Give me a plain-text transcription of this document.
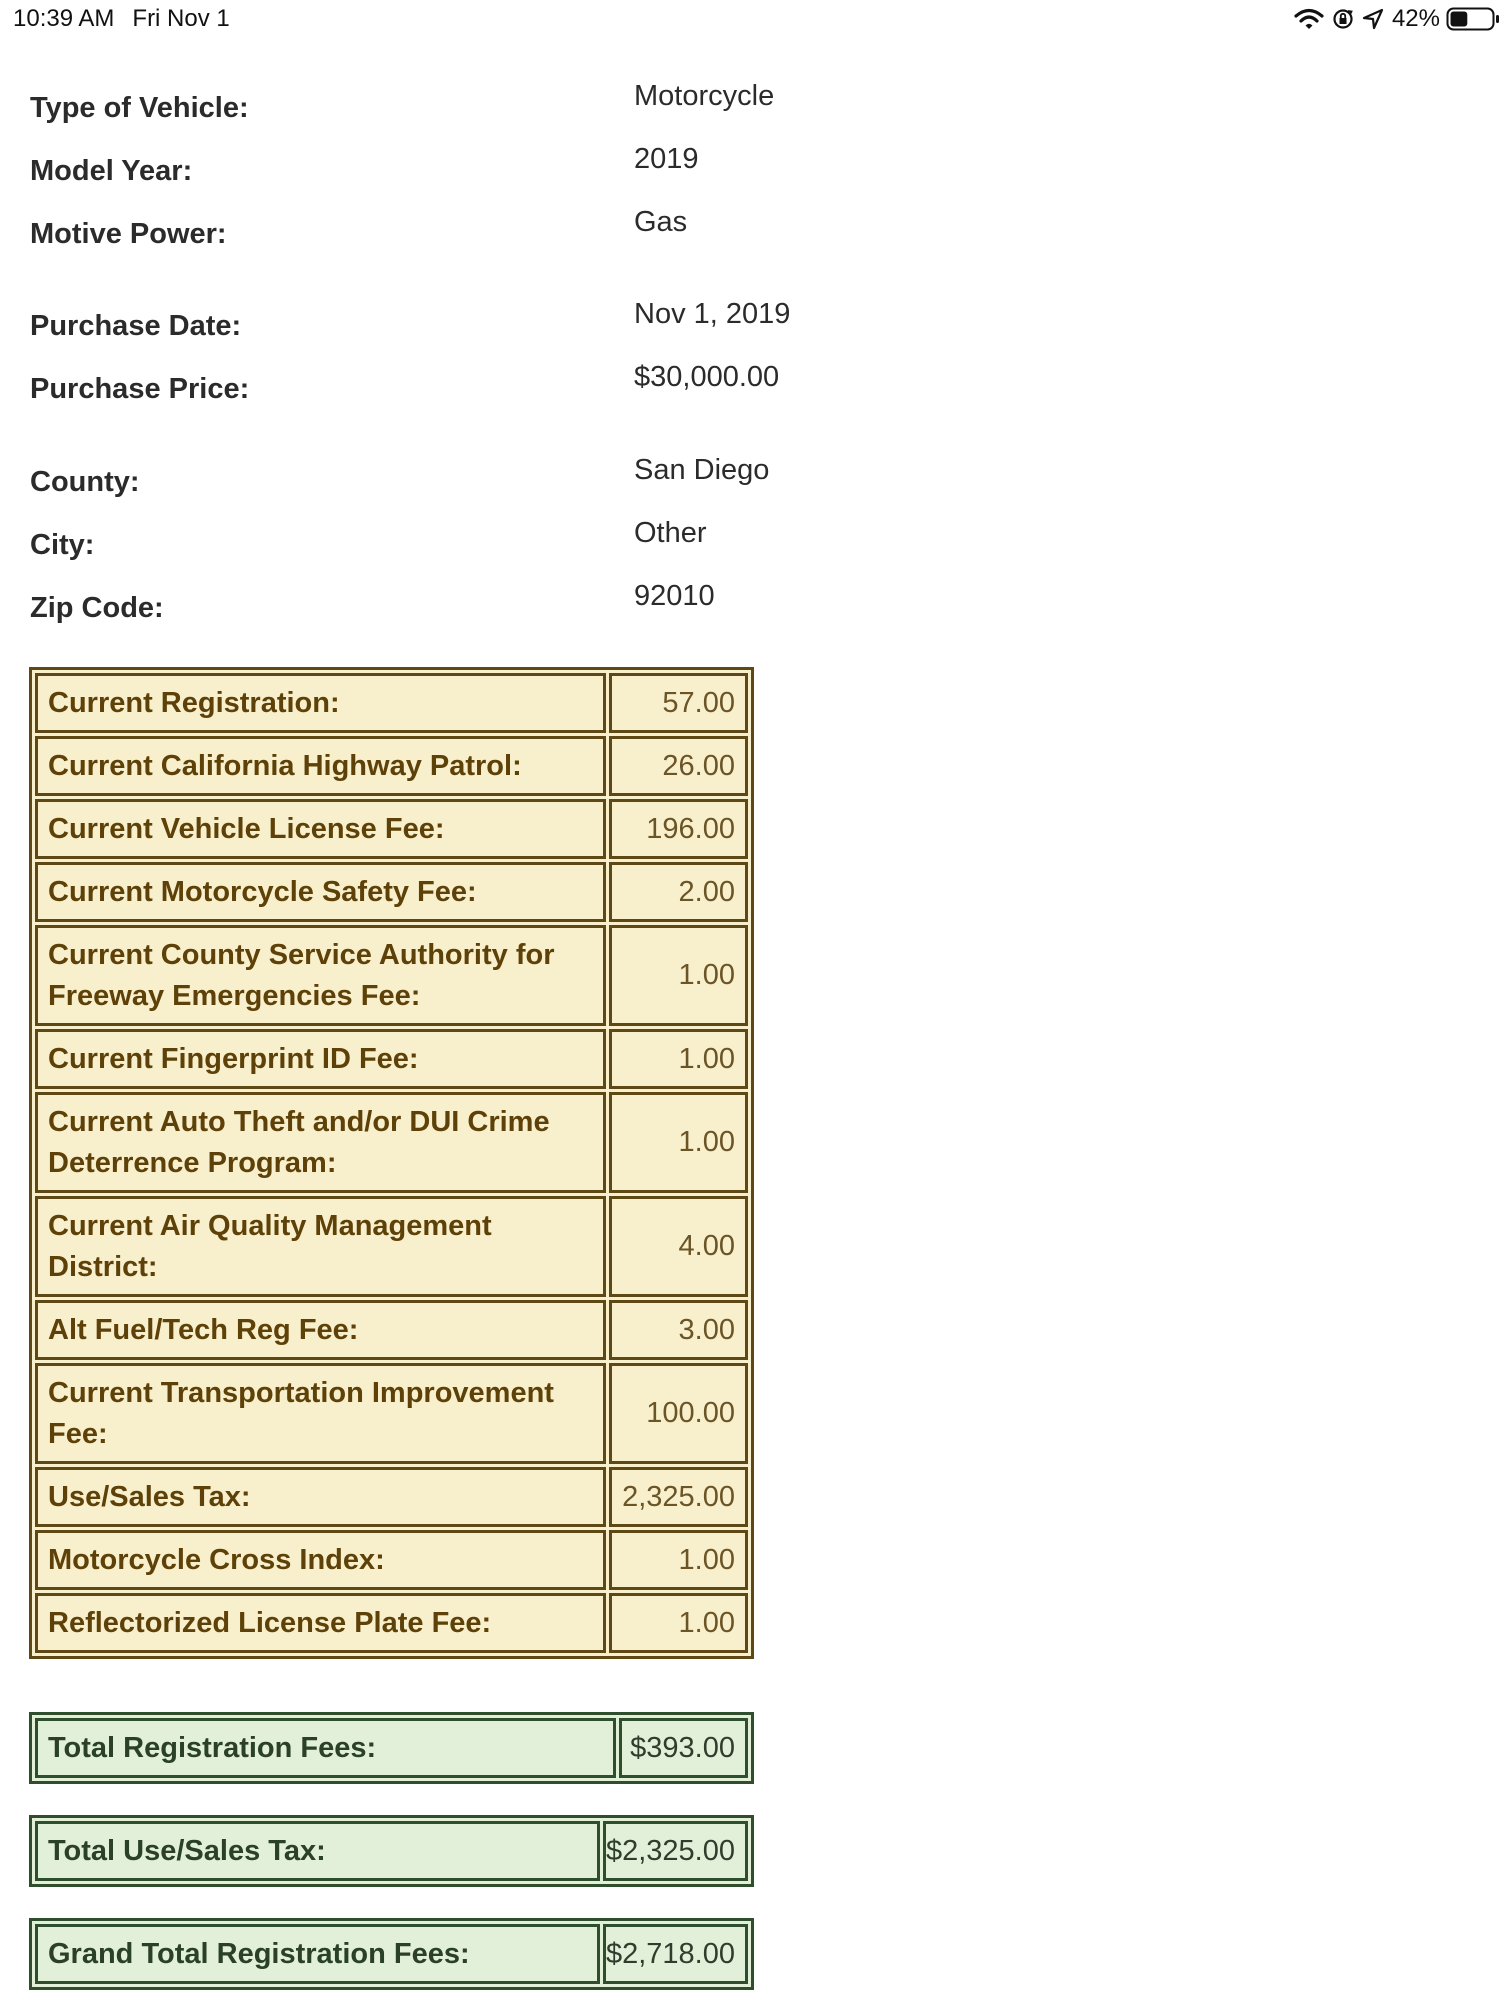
10:39 AM Fri Nov 1	42%
Type of Vehicle:	Motorcycle
Model Year:	2019
Motive Power:	Gas
Purchase Date:	Nov 1, 2019
Purchase Price:	$30,000.00
County:	San Diego
City:	Other
Zip Code:	92010
Current Registration:	57.00
Current California Highway Patrol:	26.00
Current Vehicle License Fee:	196.00
Current Motorcycle Safety Fee:	2.00
Current County Service Authority for Freeway Emergencies Fee:	1.00
Current Fingerprint ID Fee:	1.00
Current Auto Theft and/or DUI Crime Deterrence Program:	1.00
Current Air Quality Management District:	4.00
Alt Fuel/Tech Reg Fee:	3.00
Current Transportation Improvement Fee:	100.00
Use/Sales Tax:	2,325.00
Motorcycle Cross Index:	1.00
Reflectorized License Plate Fee:	1.00
Total Registration Fees:	$393.00
Total Use/Sales Tax:	$2,325.00
Grand Total Registration Fees:	$2,718.00
